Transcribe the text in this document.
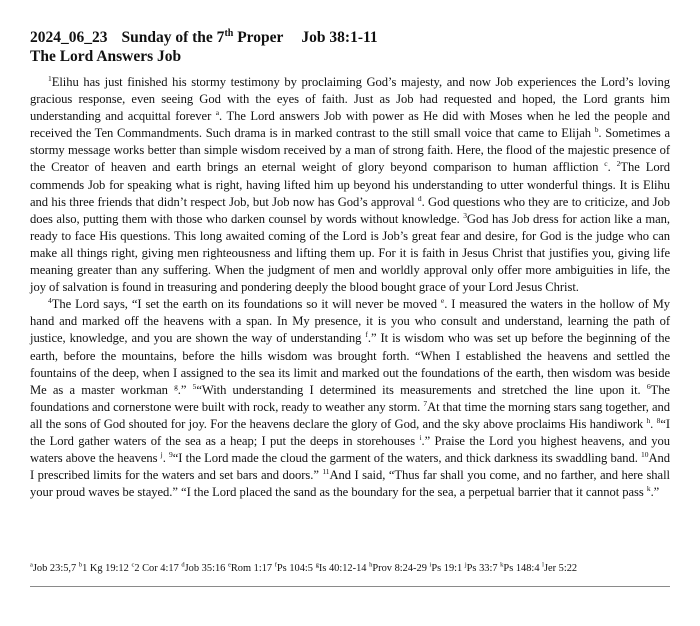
2024_06_23 Sunday of the 7th Proper Job 38:1-11
The Lord Answers Job

$^1$Elihu has just finished his stormy testimony by proclaiming God’s majesty, and now Job experiences the Lord’s loving gracious response, even seeing God with the eyes of faith. Just as Job had requested and hoped, the Lord grants him understanding and acquittal forever $^a$. The Lord answers Job with power as He did with Moses when he led the people and received the Ten Commandments. Such drama is in marked contrast to the still small voice that came to Elijah $^b$. Sometimes a stormy message works better than simple wisdom received by a man of strong faith. Here, the flood of the majestic presence of the Creator of heaven and earth brings an eternal weight of glory beyond comparison to human affliction $^c$. $^2$The Lord commends Job for speaking what is right, having lifted him up beyond his understanding to utter wonderful things. It is Elihu and his three friends that didn’t respect Job, but Job now has God’s approval $^d$. God questions who they are to criticize, and Job does also, putting them with those who darken counsel by words without knowledge. $^3$God has Job dress for action like a man, ready to face His questions. This long awaited coming of the Lord is Job’s great fear and desire, for God is the judge who can make all things right, giving men righteousness and lifting them up. For it is faith in Jesus Christ that justifies you, giving life meaning greater than any suffering. When the judgment of men and worldly approval only offer more ambiguities in life, the joy of salvation is found in treasuring and pondering deeply the blood bought grace of your Lord Jesus Christ.

$^4$The Lord says, “I set the earth on its foundations so it will never be moved $^e$. I measured the waters in the hollow of My hand and marked off the heavens with a span. In My presence, it is you who consult and understand, learning the path of justice, knowledge, and you are shown the way of understanding $^f$.” It is wisdom who was set up before the beginning of the earth, before the mountains, before the hills wisdom was brought forth. “When I established the heavens and settled the fountains of the deep, when I assigned to the sea its limit and marked out the foundations of the earth, then wisdom was beside Me as a master workman $^g$.” $^5$“With understanding I determined its measurements and stretched the line upon it. $^6$The foundations and cornerstone were built with rock, ready to weather any storm. $^7$At that time the morning stars sang together, and all the sons of God shouted for joy. For the heavens declare the glory of God, and the sky above proclaims His handiwork $^h$. $^8$“I the Lord gather waters of the sea as a heap; I put the deeps in storehouses $^i$.” Praise the Lord you highest heavens, and you waters above the heavens $^j$. $^9$“I the Lord made the cloud the garment of the waters, and thick darkness its swaddling band. $^{10}$And I prescribed limits for the waters and set bars and doors.” $^{11}$And I said, “Thus far shall you come, and no farther, and here shall your proud waves be stayed.” “I the Lord placed the sand as the boundary for the sea, a perpetual barrier that it cannot pass $^k$.”

$^a$Job 23:5,7 $^b$1 Kg 19:12 $^c$2 Cor 4:17 $^d$Job 35:16 $^e$Rom 1:17 $^f$Ps 104:5 $^g$Is 40:12-14 $^h$Prov 8:24-29 $^i$Ps 19:1 $^j$Ps 33:7 $^k$Ps 148:4 $^l$Jer 5:22
